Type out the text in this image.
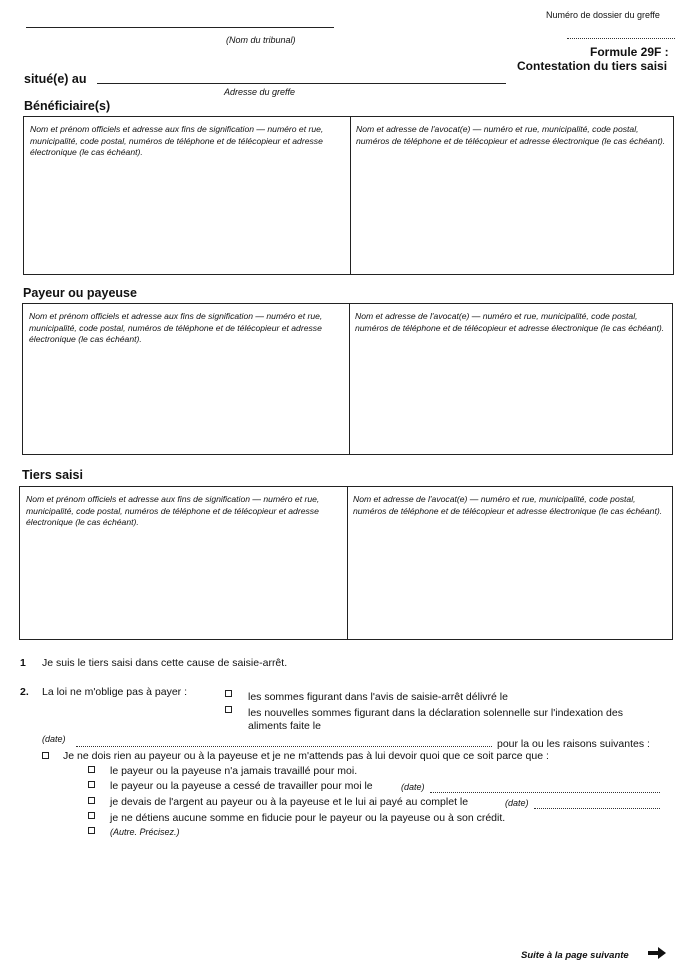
(Nom du tribunal)
Numéro de dossier du greffe
Formule 29F :
Contestation du tiers saisi
situé(e) au
Adresse du greffe
Bénéficiaire(s)
Nom et prénom officiels et adresse aux fins de signification — numéro et rue, municipalité, code postal, numéros de téléphone et de télécopieur et adresse électronique (le cas échéant).
Nom et adresse de l'avocat(e) — numéro et rue, municipalité, code postal, numéros de téléphone et de télécopieur et adresse électronique (le cas échéant).
Payeur ou payeuse
Nom et prénom officiels et adresse aux fins de signification — numéro et rue, municipalité, code postal, numéros de téléphone et de télécopieur et adresse électronique (le cas échéant).
Nom et adresse de l'avocat(e) — numéro et rue, municipalité, code postal, numéros de téléphone et de télécopieur et adresse électronique (le cas échéant).
Tiers saisi
Nom et prénom officiels et adresse aux fins de signification — numéro et rue, municipalité, code postal, numéros de téléphone et de télécopieur et adresse électronique (le cas échéant).
Nom et adresse de l'avocat(e) — numéro et rue, municipalité, code postal, numéros de téléphone et de télécopieur et adresse électronique (le cas échéant).
1 Je suis le tiers saisi dans cette cause de saisie-arrêt.
2. La loi ne m'oblige pas à payer :	les sommes figurant dans l'avis de saisie-arrêt délivré le
les nouvelles sommes figurant dans la déclaration solennelle sur l'indexation des
aliments faite le
(date)	pour la ou les raisons suivantes :
Je ne dois rien au payeur ou à la payeuse et je ne m'attends pas à lui devoir quoi que ce soit parce que :
le payeur ou la payeuse n'a jamais travaillé pour moi.
le payeur ou la payeuse a cessé de travailler pour moi le	(date)
je devais de l'argent au payeur ou à la payeuse et le lui ai payé au complet le	(date)
je ne détiens aucune somme en fiducie pour le payeur ou la payeuse ou à son crédit.
(Autre. Précisez.)
Suite à la page suivante
